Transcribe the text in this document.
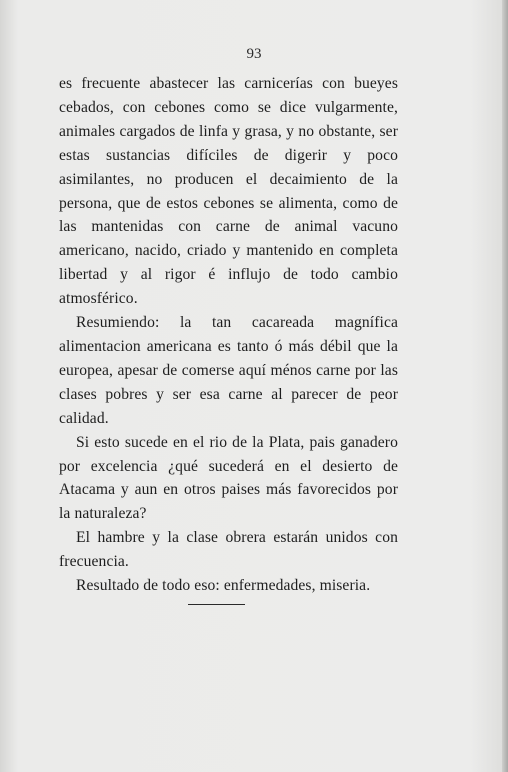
93

es frecuente abastecer las carnicerías con bueyes cebados, con cebones como se dice vulgarmente, animales cargados de linfa y grasa, y no obstante, ser estas sustancias difíciles de digerir y poco asimilantes, no producen el decaimiento de la persona, que de estos cebones se alimenta, como de las mantenidas con carne de animal vacuno americano, nacido, criado y mantenido en completa libertad y al rigor é influjo de todo cambio atmosférico.

Resumiendo: la tan cacareada magnífica alimentacion americana es tanto ó más débil que la europea, apesar de comerse aquí ménos carne por las clases pobres y ser esa carne al parecer de peor calidad.

Si esto sucede en el rio de la Plata, pais ganadero por excelencia ¿qué sucederá en el desierto de Atacama y aun en otros paises más favorecidos por la naturaleza?

El hambre y la clase obrera estarán unidos con frecuencia.

Resultado de todo eso: enfermedades, miseria.
